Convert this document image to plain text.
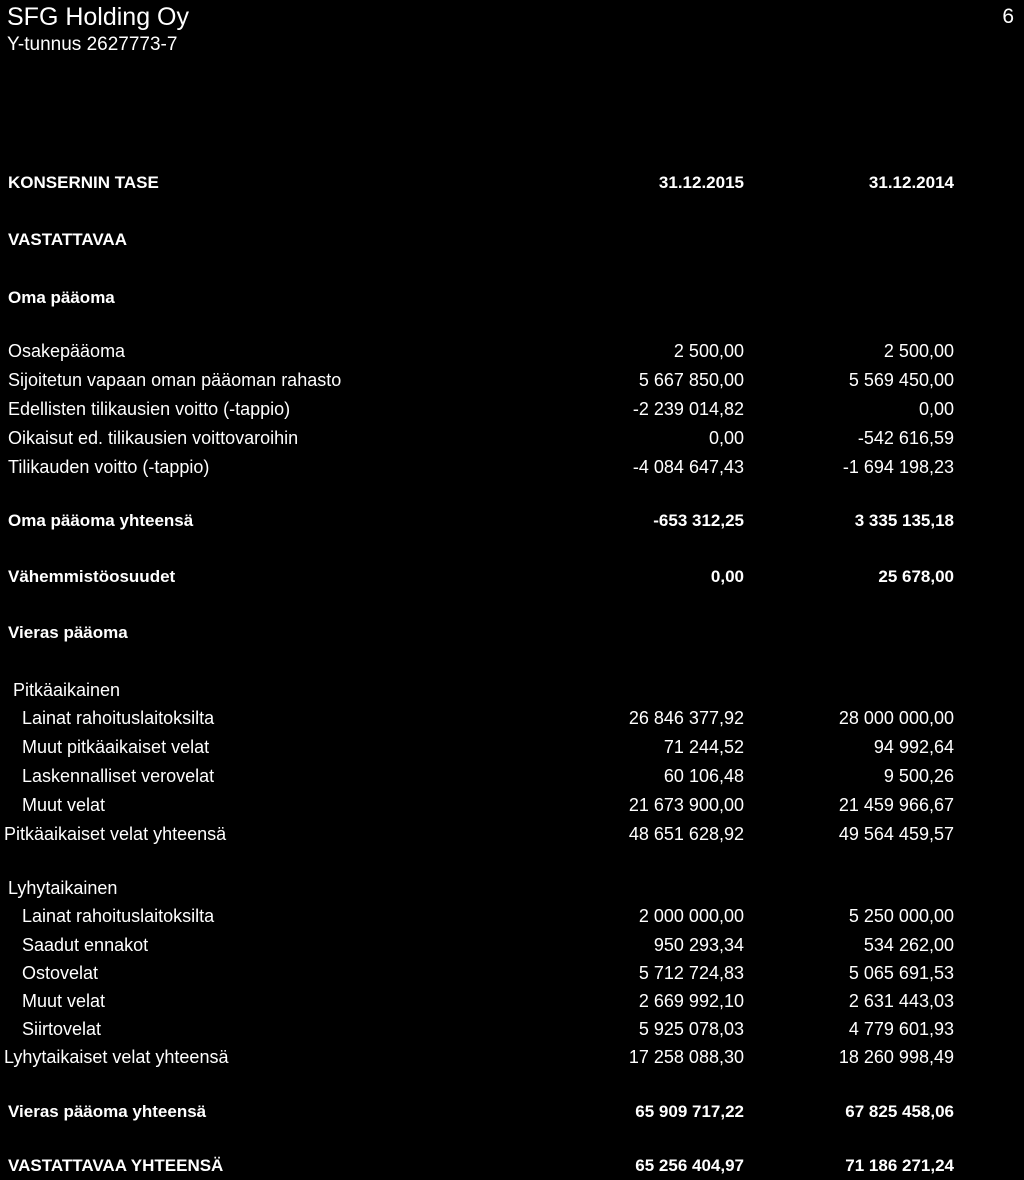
SFG Holding Oy
Y-tunnus 2627773-7
6
KONSERNIN TASE	31.12.2015	31.12.2014
VASTATTAVAA
Oma pääoma
Osakepääoma	2 500,00	2 500,00
Sijoitetun vapaan oman pääoman rahasto	5 667 850,00	5 569 450,00
Edellisten tilikausien voitto (-tappio)	-2 239 014,82	0,00
Oikaisut ed. tilikausien voittovaroihin	0,00	-542 616,59
Tilikauden voitto (-tappio)	-4 084 647,43	-1 694 198,23
Oma pääoma yhteensä	-653 312,25	3 335 135,18
Vähemmistöosuudet	0,00	25 678,00
Vieras pääoma
Pitkäaikainen
Lainat rahoituslaitoksilta	26 846 377,92	28 000 000,00
Muut pitkäaikaiset velat	71 244,52	94 992,64
Laskennalliset verovelat	60 106,48	9 500,26
Muut velat	21 673 900,00	21 459 966,67
Pitkäaikaiset velat yhteensä	48 651 628,92	49 564 459,57
Lyhytaikainen
Lainat rahoituslaitoksilta	2 000 000,00	5 250 000,00
Saadut ennakot	950 293,34	534 262,00
Ostovelat	5 712 724,83	5 065 691,53
Muut velat	2 669 992,10	2 631 443,03
Siirtovelat	5 925 078,03	4 779 601,93
Lyhytaikaiset velat yhteensä	17 258 088,30	18 260 998,49
Vieras pääoma yhteensä	65 909 717,22	67 825 458,06
VASTATTAVAA YHTEENSÄ	65 256 404,97	71 186 271,24
